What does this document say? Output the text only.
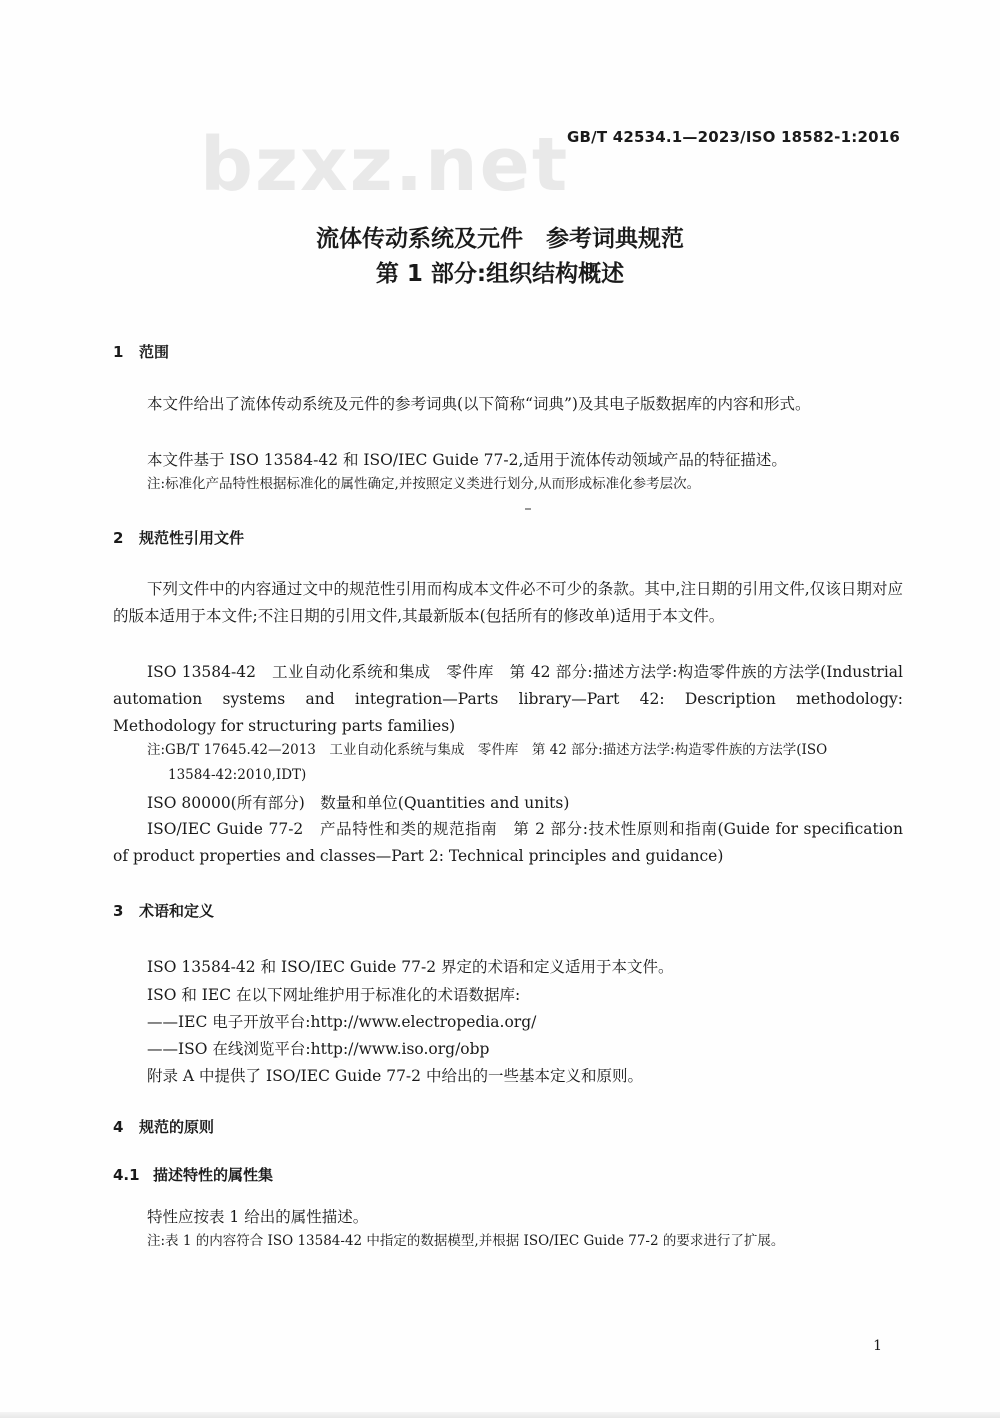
bzxz.net
GB/T 42534.1—2023/ISO 18582-1:2016
流体传动系统及元件　参考词典规范
第 1 部分:组织结构概述
1 范围
本文件给出了流体传动系统及元件的参考词典(以下简称“词典”)及其电子版数据库的内容和形式。
本文件基于 ISO 13584-42 和 ISO/IEC Guide 77-2,适用于流体传动领域产品的特征描述。
注:标准化产品特性根据标准化的属性确定,并按照定义类进行划分,从而形成标准化参考层次。
2 规范性引用文件
下列文件中的内容通过文中的规范性引用而构成本文件必不可少的条款。其中,注日期的引用文件,仅该日期对应的版本适用于本文件;不注日期的引用文件,其最新版本(包括所有的修改单)适用于本文件。
ISO 13584-42　工业自动化系统和集成　零件库　第 42 部分:描述方法学:构造零件族的方法学(Industrial automation systems and integration—Parts library—Part 42: Description methodology: Methodology for structuring parts families)
注:GB/T 17645.42—2013　工业自动化系统与集成　零件库　第 42 部分:描述方法学:构造零件族的方法学(ISO
13584-42:2010,IDT)
ISO 80000(所有部分)　数量和单位(Quantities and units)
ISO/IEC Guide 77-2　产品特性和类的规范指南　第 2 部分:技术性原则和指南(Guide for specification of product properties and classes—Part 2: Technical principles and guidance)
3 术语和定义
ISO 13584-42 和 ISO/IEC Guide 77-2 界定的术语和定义适用于本文件。
ISO 和 IEC 在以下网址维护用于标准化的术语数据库:
——IEC 电子开放平台:http://www.electropedia.org/
——ISO 在线浏览平台:http://www.iso.org/obp
附录 A 中提供了 ISO/IEC Guide 77-2 中给出的一些基本定义和原则。
4 规范的原则
4.1 描述特性的属性集
特性应按表 1 给出的属性描述。
注:表 1 的内容符合 ISO 13584-42 中指定的数据模型,并根据 ISO/IEC Guide 77-2 的要求进行了扩展。
1
